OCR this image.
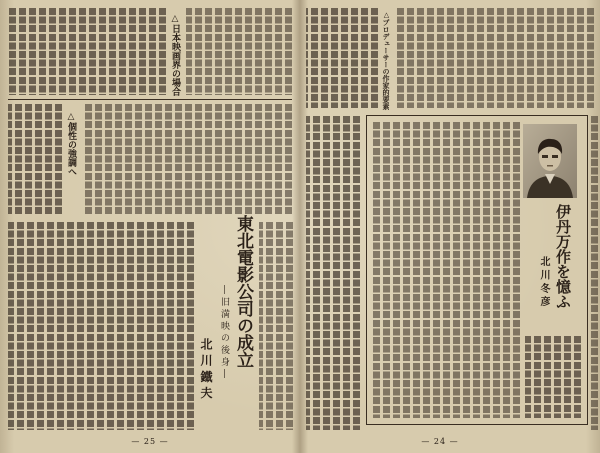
△日本映画界の場合
△個性の強調へ
東北電影公司の成立
―旧満映の後身―
北 川 鐵 夫
— 25 —
△プロデューサーの作家的要素
伊丹万作を憶ふ
北 川 冬 彦
— 24 —
